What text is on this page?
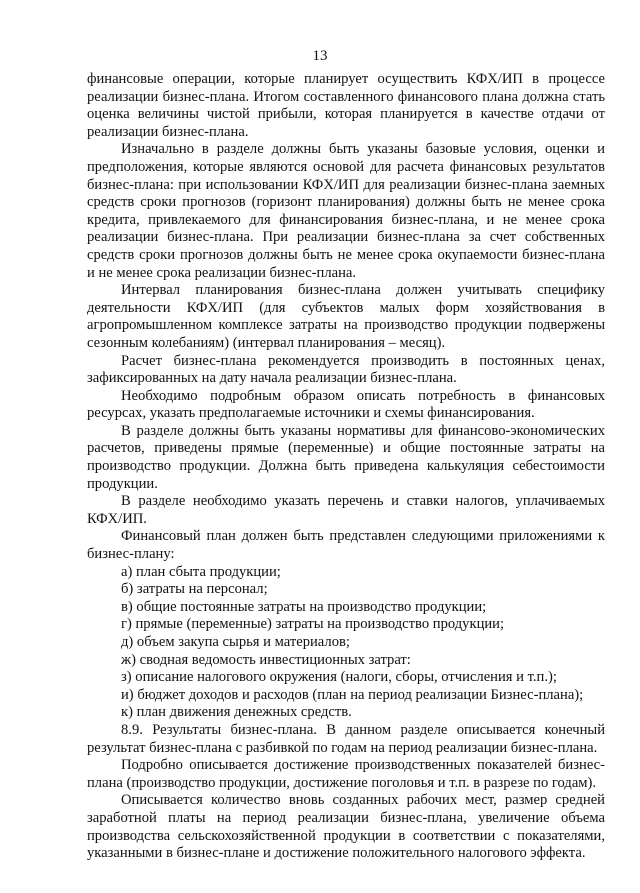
13

финансовые операции, которые планирует осуществить КФХ/ИП в процессе реализации бизнес-плана. Итогом составленного финансового плана должна стать оценка величины чистой прибыли, которая планируется в качестве отдачи от реализации бизнес-плана.

Изначально в разделе должны быть указаны базовые условия, оценки и предположения, которые являются основой для расчета финансовых результатов бизнес-плана: при использовании КФХ/ИП для реализации бизнес-плана заемных средств сроки прогнозов (горизонт планирования) должны быть не менее срока кредита, привлекаемого для финансирования бизнес-плана, и не менее срока реализации бизнес-плана. При реализации бизнес-плана за счет собственных средств сроки прогнозов должны быть не менее срока окупаемости бизнес-плана и не менее срока реализации бизнес-плана.

Интервал планирования бизнес-плана должен учитывать специфику деятельности КФХ/ИП (для субъектов малых форм хозяйствования в агропромышленном комплексе затраты на производство продукции подвержены сезонным колебаниям) (интервал планирования – месяц).

Расчет бизнес-плана рекомендуется производить в постоянных ценах, зафиксированных на дату начала реализации бизнес-плана.

Необходимо подробным образом описать потребность в финансовых ресурсах, указать предполагаемые источники и схемы финансирования.

В разделе должны быть указаны нормативы для финансово-экономических расчетов, приведены прямые (переменные) и общие постоянные затраты на производство продукции. Должна быть приведена калькуляция себестоимости продукции.

В разделе необходимо указать перечень и ставки налогов, уплачиваемых КФХ/ИП.

Финансовый план должен быть представлен следующими приложениями к бизнес-плану:

а) план сбыта продукции;
б) затраты на персонал;
в) общие постоянные затраты на производство продукции;
г) прямые (переменные) затраты на производство продукции;
д) объем закупа сырья и материалов;
ж) сводная ведомость инвестиционных затрат:
з) описание налогового окружения (налоги, сборы, отчисления и т.п.);
и) бюджет доходов и расходов (план на период реализации Бизнес-плана);
к) план движения денежных средств.

8.9. Результаты бизнес-плана. В данном разделе описывается конечный результат бизнес-плана с разбивкой по годам на период реализации бизнес-плана.

Подробно описывается достижение производственных показателей бизнес-плана (производство продукции, достижение поголовья и т.п. в разрезе по годам).

Описывается количество вновь созданных рабочих мест, размер средней заработной платы на период реализации бизнес-плана, увеличение объема производства сельскохозяйственной продукции в соответствии с показателями, указанными в бизнес-плане и достижение положительного налогового эффекта.
